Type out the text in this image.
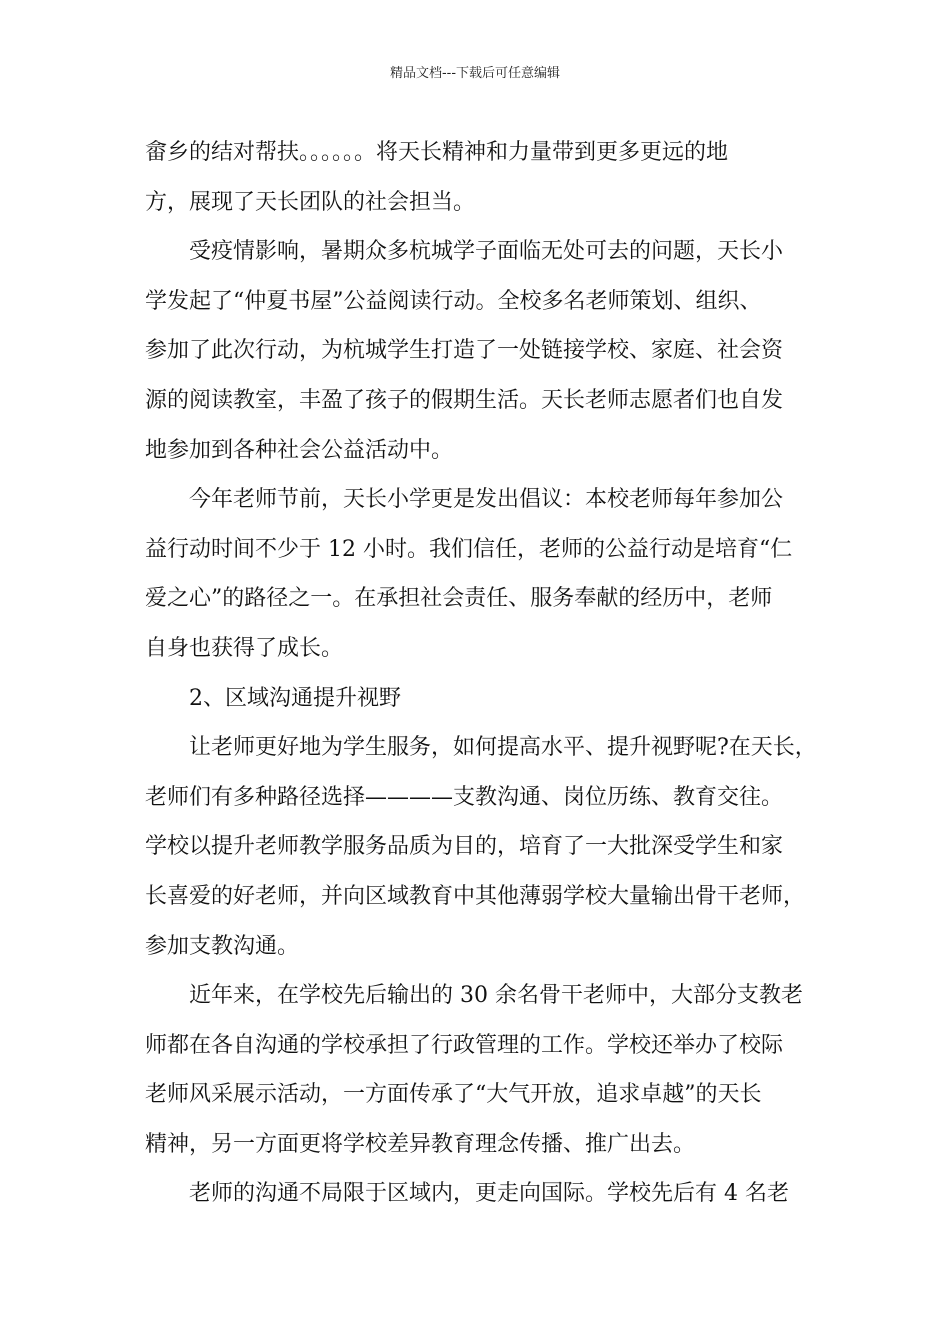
精品文档---下载后可任意编辑
畲乡的结对帮扶。。。。。。将天长精神和力量带到更多更远的地
方，展现了天长团队的社会担当。
受疫情影响，暑期众多杭城学子面临无处可去的问题，天长小
学发起了“仲夏书屋”公益阅读行动。全校多名老师策划、组织、
参加了此次行动，为杭城学生打造了一处链接学校、家庭、社会资
源的阅读教室，丰盈了孩子的假期生活。天长老师志愿者们也自发
地参加到各种社会公益活动中。
今年老师节前，天长小学更是发出倡议：本校老师每年参加公
益行动时间不少于 12 小时。我们信任，老师的公益行动是培育“仁
爱之心”的路径之一。在承担社会责任、服务奉献的经历中，老师
自身也获得了成长。
2、区域沟通提升视野
让老师更好地为学生服务，如何提高水平、提升视野呢?在天长，
老师们有多种路径选择————支教沟通、岗位历练、教育交往。
学校以提升老师教学服务品质为目的，培育了一大批深受学生和家
长喜爱的好老师，并向区域教育中其他薄弱学校大量输出骨干老师，
参加支教沟通。
近年来，在学校先后输出的 30 余名骨干老师中，大部分支教老
师都在各自沟通的学校承担了行政管理的工作。学校还举办了校际
老师风采展示活动，一方面传承了“大气开放，追求卓越”的天长
精神，另一方面更将学校差异教育理念传播、推广出去。
老师的沟通不局限于区域内，更走向国际。学校先后有 4 名老
